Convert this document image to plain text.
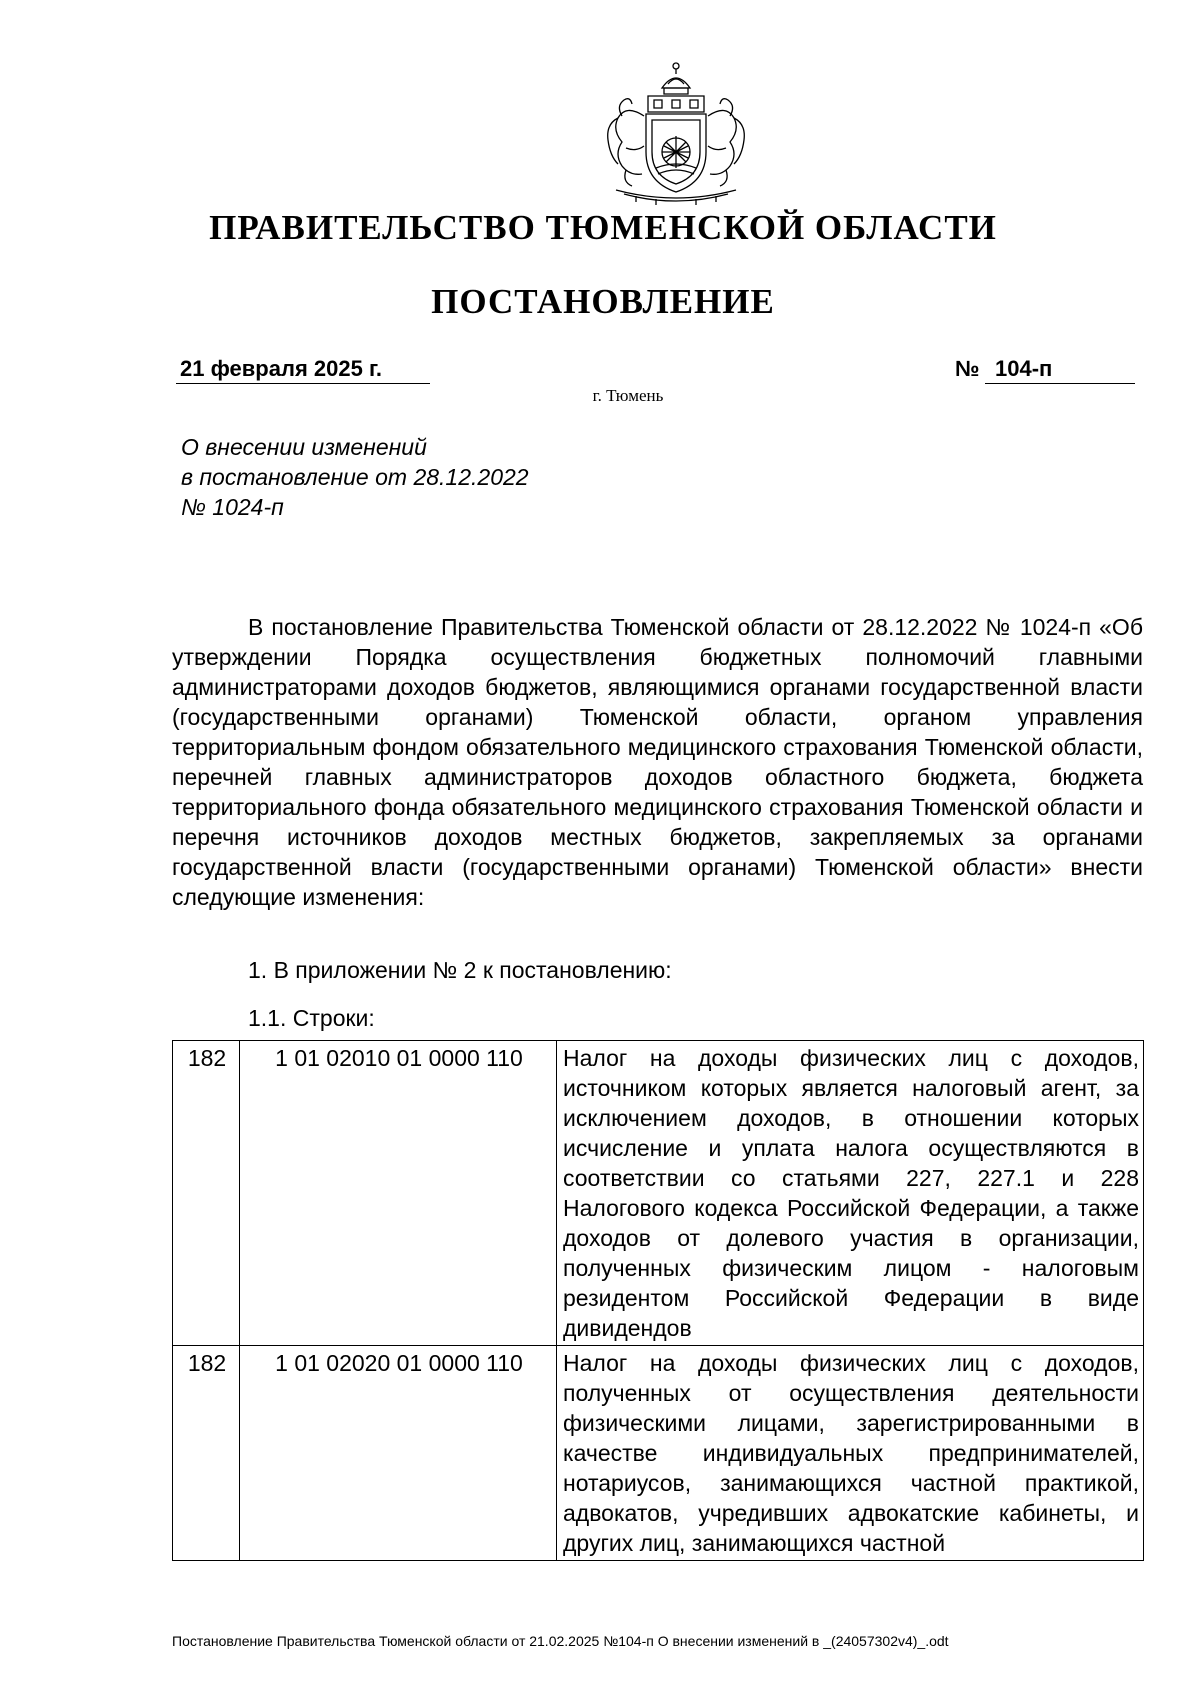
ПРАВИТЕЛЬСТВО ТЮМЕНСКОЙ ОБЛАСТИ
ПОСТАНОВЛЕНИЕ
21 февраля 2025 г.	№ 104-п
г. Тюмень
О внесении изменений
в постановление от 28.12.2022
№ 1024-п

В постановление Правительства Тюменской области от 28.12.2022 № 1024-п «Об утверждении Порядка осуществления бюджетных полномочий главными администраторами доходов бюджетов, являющимися органами государственной власти (государственными органами) Тюменской области, органом управления территориальным фондом обязательного медицинского страхования Тюменской области, перечней главных администраторов доходов областного бюджета, бюджета территориального фонда обязательного медицинского страхования Тюменской области и перечня источников доходов местных бюджетов, закрепляемых за органами государственной власти (государственными органами) Тюменской области» внести следующие изменения:

1. В приложении № 2 к постановлению:
1.1. Строки:
182	1 01 02010 01 0000 110	Налог на доходы физических лиц с доходов, источником которых является налоговый агент, за исключением доходов, в отношении которых исчисление и уплата налога осуществляются в соответствии со статьями 227, 227.1 и 228 Налогового кодекса Российской Федерации, а также доходов от долевого участия в организации, полученных физическим лицом - налоговым резидентом Российской Федерации в виде дивидендов
182	1 01 02020 01 0000 110	Налог на доходы физических лиц с доходов, полученных от осуществления деятельности физическими лицами, зарегистрированными в качестве индивидуальных предпринимателей, нотариусов, занимающихся частной практикой, адвокатов, учредивших адвокатские кабинеты, и других лиц, занимающихся частной
Постановление Правительства Тюменской области от 21.02.2025 №104-п О внесении изменений в _(24057302v4)_.odt
